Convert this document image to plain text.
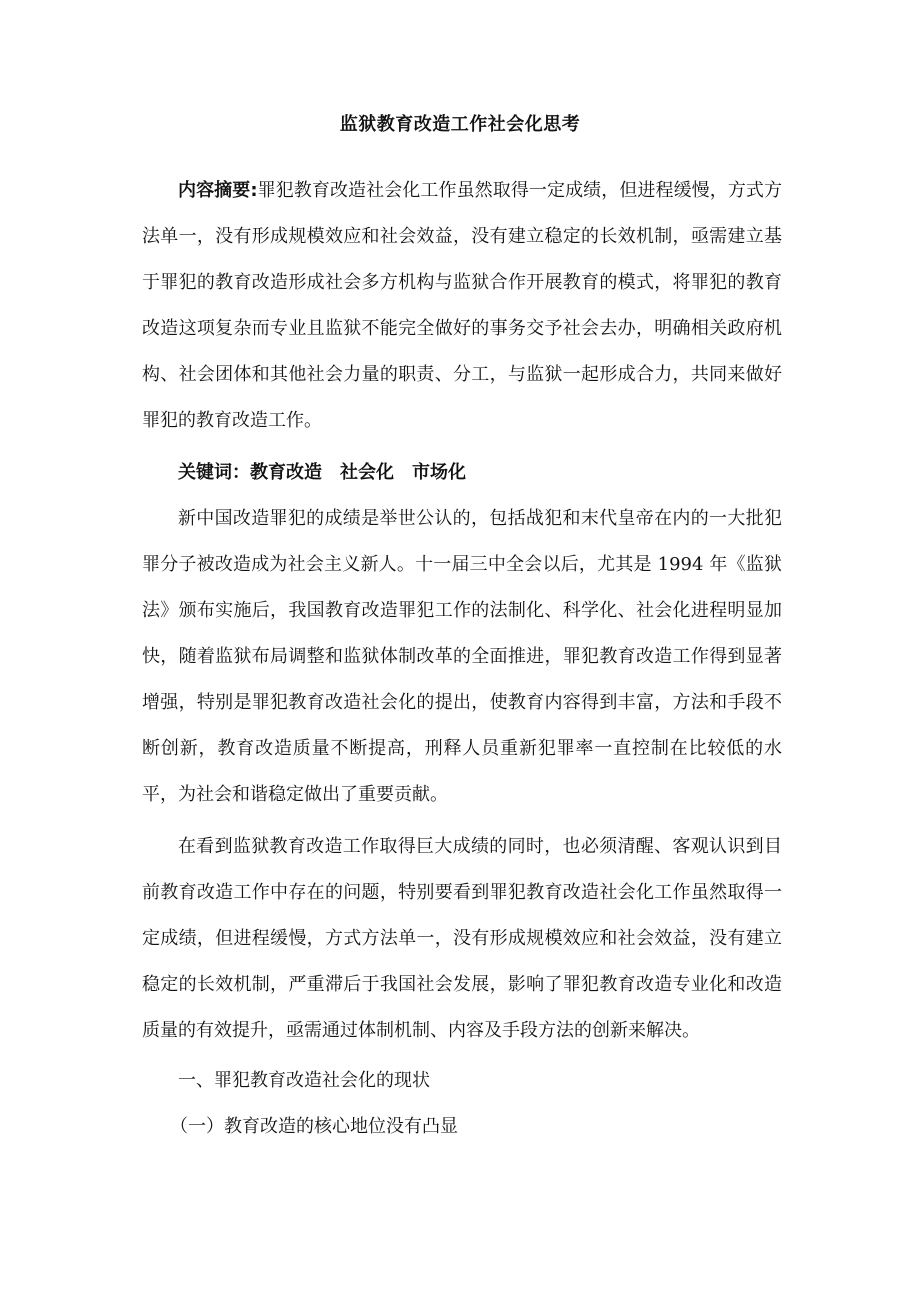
监狱教育改造工作社会化思考

内容摘要:罪犯教育改造社会化工作虽然取得一定成绩，但进程缓慢，方式方法单一，没有形成规模效应和社会效益，没有建立稳定的长效机制，亟需建立基于罪犯的教育改造形成社会多方机构与监狱合作开展教育的模式，将罪犯的教育改造这项复杂而专业且监狱不能完全做好的事务交予社会去办，明确相关政府机构、社会团体和其他社会力量的职责、分工，与监狱一起形成合力，共同来做好罪犯的教育改造工作。

关键词：教育改造　社会化　市场化

新中国改造罪犯的成绩是举世公认的，包括战犯和末代皇帝在内的一大批犯罪分子被改造成为社会主义新人。十一届三中全会以后，尤其是 1994 年《监狱法》颁布实施后，我国教育改造罪犯工作的法制化、科学化、社会化进程明显加快，随着监狱布局调整和监狱体制改革的全面推进，罪犯教育改造工作得到显著增强，特别是罪犯教育改造社会化的提出，使教育内容得到丰富，方法和手段不断创新，教育改造质量不断提高，刑释人员重新犯罪率一直控制在比较低的水平，为社会和谐稳定做出了重要贡献。

在看到监狱教育改造工作取得巨大成绩的同时，也必须清醒、客观认识到目前教育改造工作中存在的问题，特别要看到罪犯教育改造社会化工作虽然取得一定成绩，但进程缓慢，方式方法单一，没有形成规模效应和社会效益，没有建立稳定的长效机制，严重滞后于我国社会发展，影响了罪犯教育改造专业化和改造质量的有效提升，亟需通过体制机制、内容及手段方法的创新来解决。

一、罪犯教育改造社会化的现状

（一）教育改造的核心地位没有凸显
